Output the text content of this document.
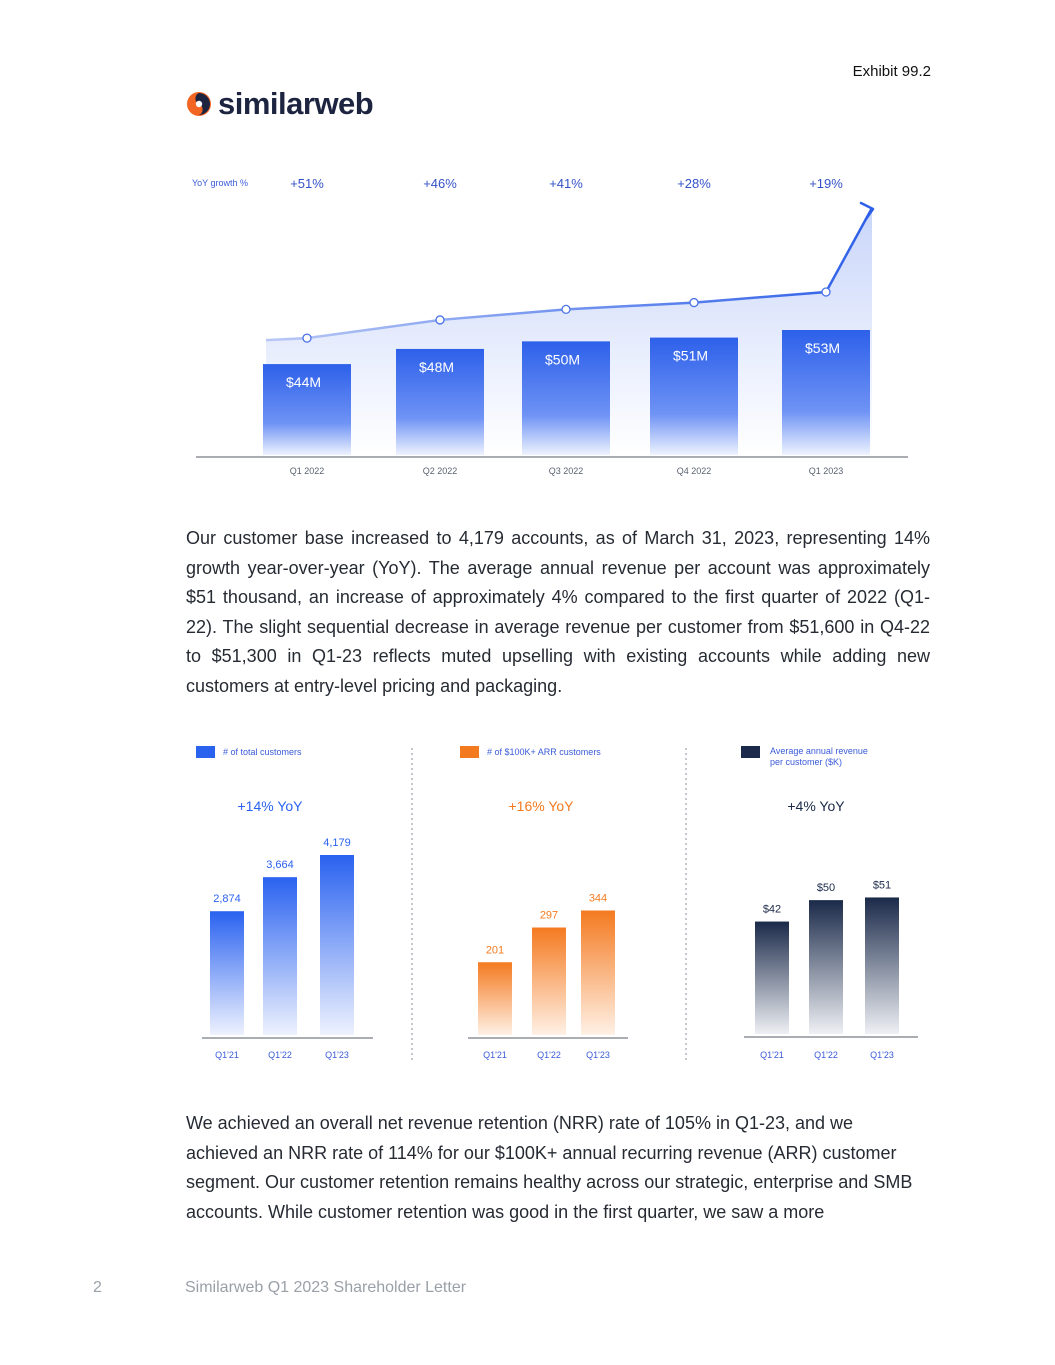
Exhibit 99.2
similarweb
YoY growth %	+51%	+46%	+41%	+28%	+19%
$44M
$48M	$50M	$51M	$53M
Q1 2022	Q2 2022	Q3 2022	Q4 2022	Q1 2023
Our customer base increased to 4,179 accounts, as of March 31, 2023, representing 14% growth year-over-year (YoY). The average annual revenue per account was approximately $51 thousand, an increase of approximately 4% compared to the first quarter of 2022 (Q1-22). The slight sequential decrease in average revenue per customer from $51,600 in Q4-22 to $51,300 in Q1-23 reflects muted upselling with existing accounts while adding new customers at entry-level pricing and packaging.
# of total customers
+14% YoY
2,874
Q1'21
3,664
Q1'22
4,179
Q1'23
# of $100K+ ARR customers
+16% YoY
201
Q1'21
297
Q1'22
344
Q1'23
Average annual revenue
per customer ($K)
+4% YoY
$42
Q1'21
$50
Q1'22
$51
Q1'23
We achieved an overall net revenue retention (NRR) rate of 105% in Q1-23, and we achieved an NRR rate of 114% for our $100K+ annual recurring revenue (ARR) customer segment. Our customer retention remains healthy across our strategic, enterprise and SMB accounts. While customer retention was good in the first quarter, we saw a more
2	Similarweb Q1 2023 Shareholder Letter
